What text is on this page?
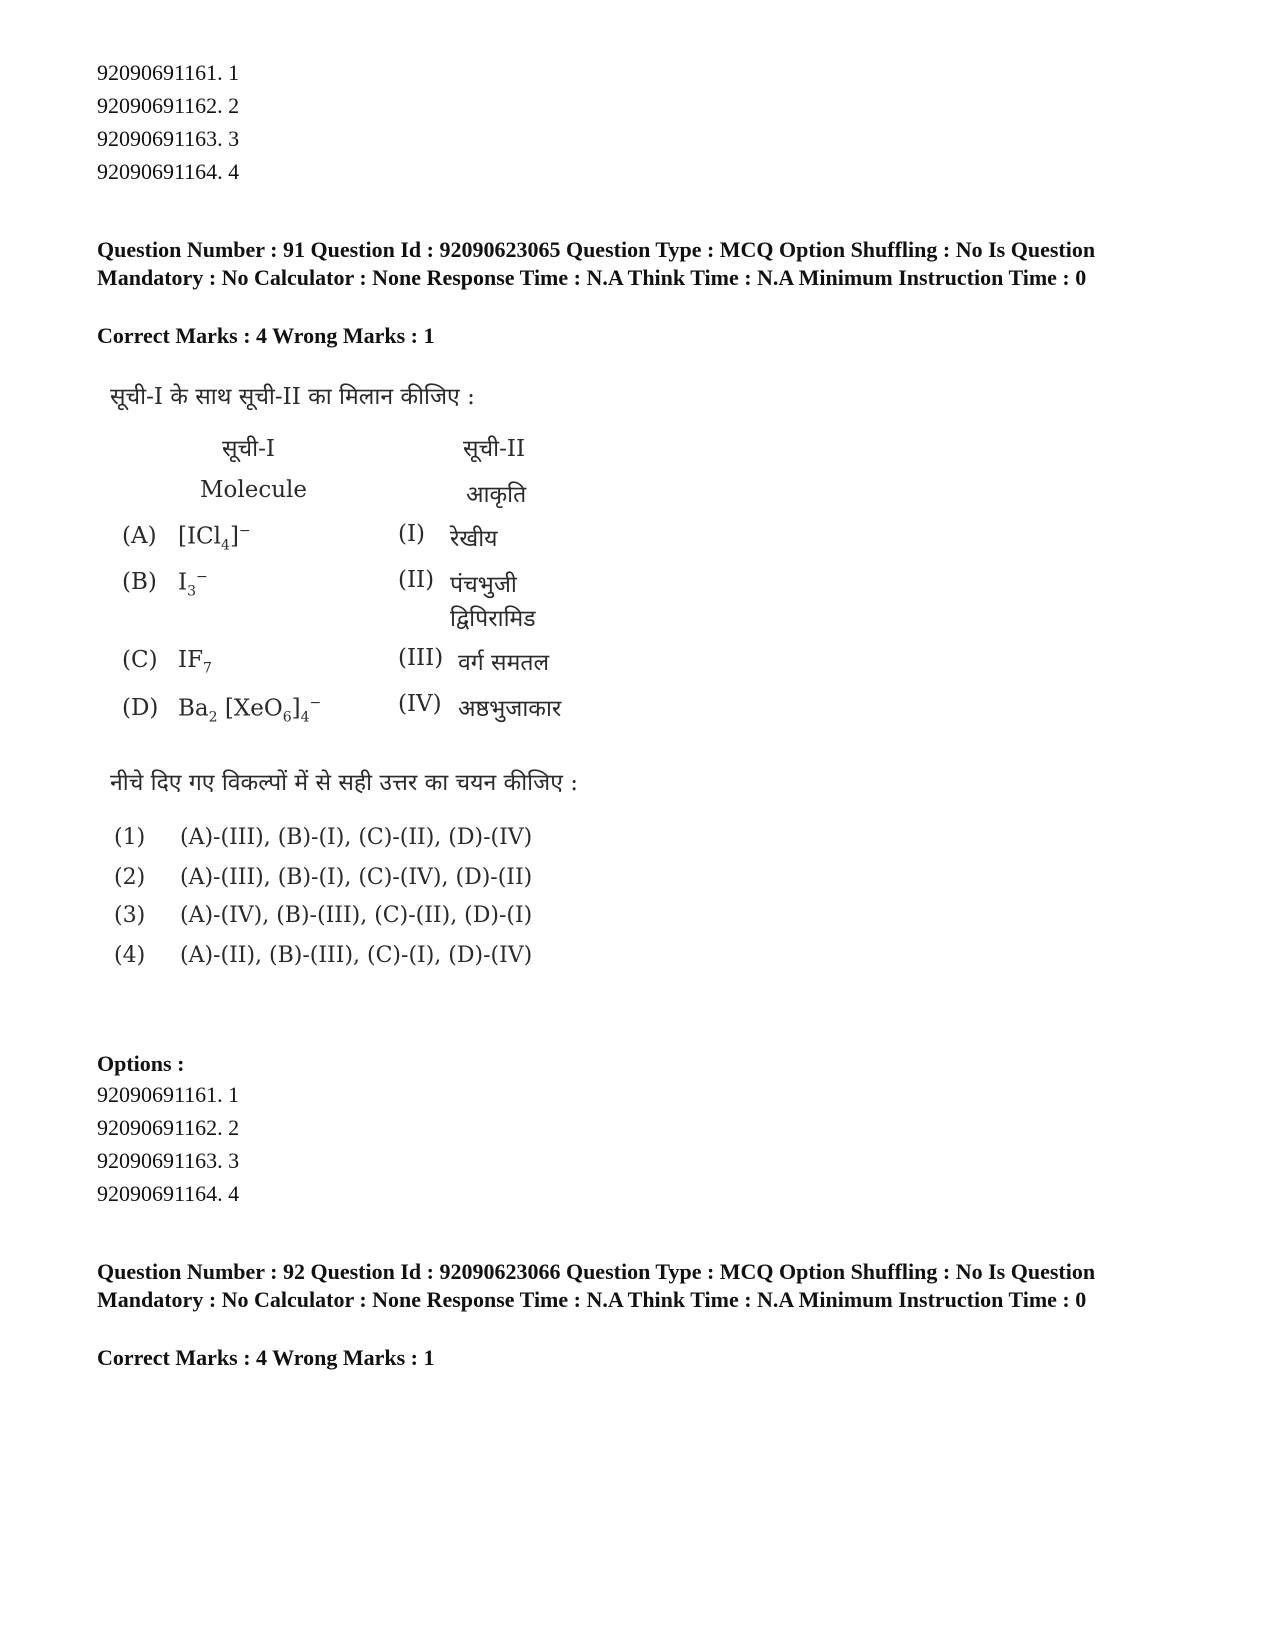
92090691161. 1
92090691162. 2
92090691163. 3
92090691164. 4
Question Number : 91 Question Id : 92090623065 Question Type : MCQ Option Shuffling : No Is Question Mandatory : No Calculator : None Response Time : N.A Think Time : N.A Minimum Instruction Time : 0
Correct Marks : 4 Wrong Marks : 1
सूची-I के साथ सूची-II का मिलान कीजिए :
सूची-I	सूची-II
Molecule	आकृति
(A) [ICl$_4$]−
(B) $I_3^-$
(C) $IF_7$
(D) $Ba_2$ $[XeO_6]_4^-$
(I) रेखीय
(II) पंचभुजी
द्विपिरामिड
(III) वर्ग समतल
(IV) अष्ठभुजाकार
नीचे दिए गए विकल्पों में से सही उत्तर का चयन कीजिए :
(1) (A)-(III), (B)-(I), (C)-(II), (D)-(IV)
(2) (A)-(III), (B)-(I), (C)-(IV), (D)-(II)
(3) (A)-(IV), (B)-(III), (C)-(II), (D)-(I)
(4) (A)-(II), (B)-(III), (C)-(I), (D)-(IV)
Options :
92090691161. 1
92090691162. 2
92090691163. 3
92090691164. 4
Question Number : 92 Question Id : 92090623066 Question Type : MCQ Option Shuffling : No Is Question Mandatory : No Calculator : None Response Time : N.A Think Time : N.A Minimum Instruction Time : 0
Correct Marks : 4 Wrong Marks : 1
